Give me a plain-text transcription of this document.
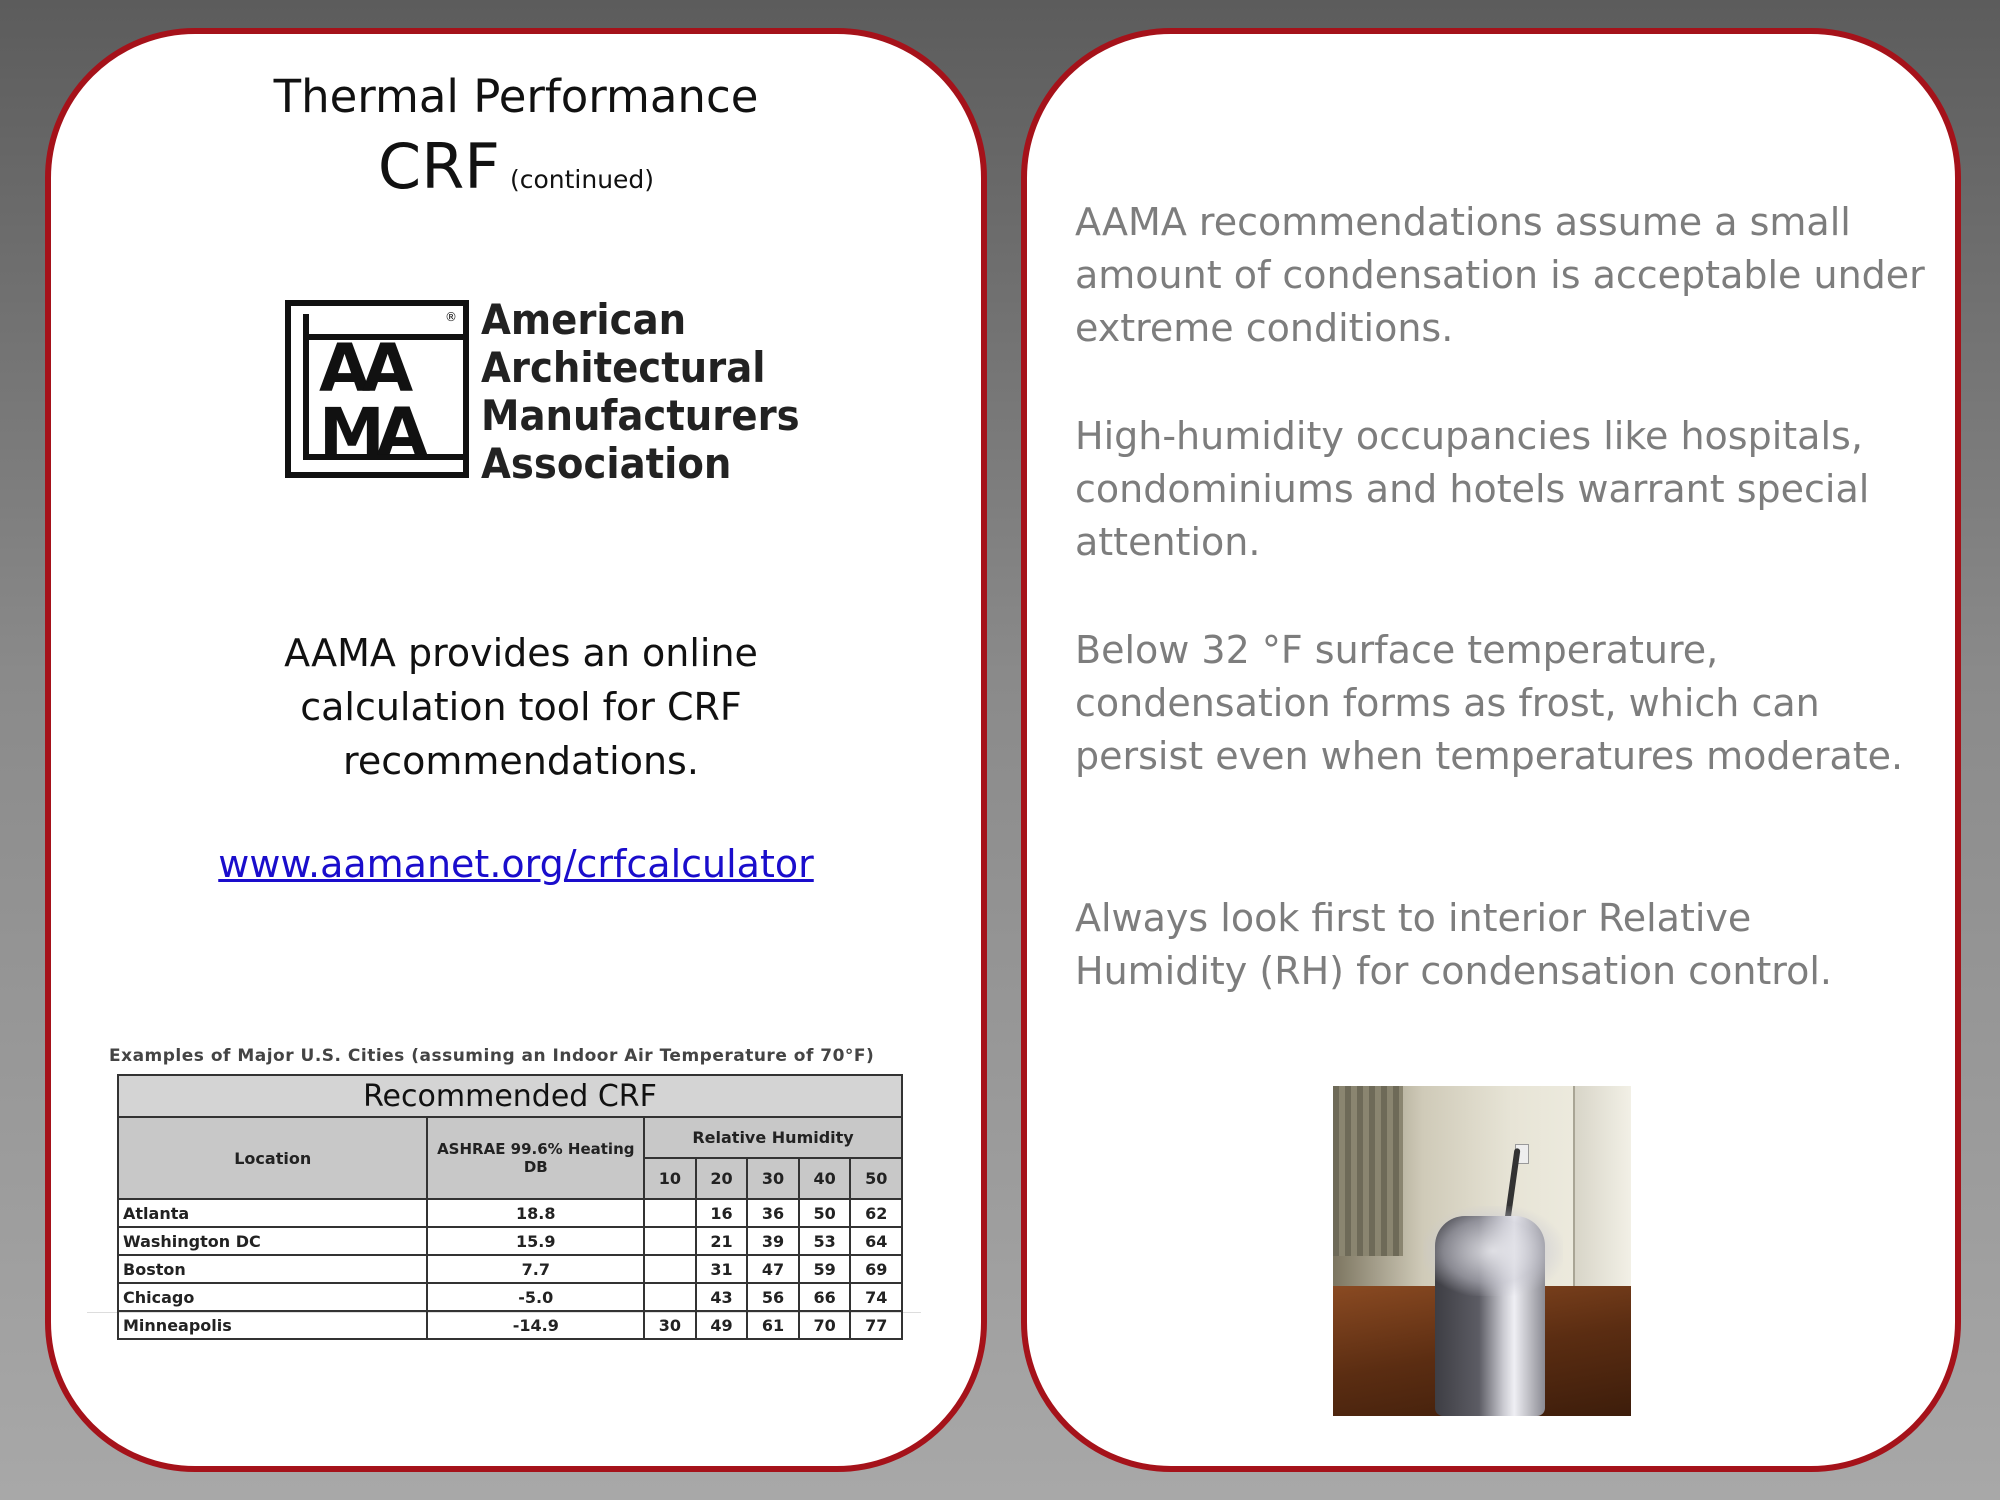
Thermal Performance
CRF (continued)
®
AA
MA
American
Architectural
Manufacturers
Association
AAMA provides an online calculation tool for CRF recommendations.
www.aamanet.org/crfcalculator
Examples of Major U.S. Cities (assuming an Indoor Air Temperature of 70°F)
Recommended CRF						
Location	ASHRAE 99.6% Heating DB	Relative Humidity				
		10	20	30	40	50
Atlanta	18.8		16	36	50	62
Washington DC	15.9		21	39	53	64
Boston	7.7		31	47	59	69
Chicago	-5.0		43	56	66	74
Minneapolis	-14.9	30	49	61	70	77
AAMA recommendations assume a small amount of condensation is acceptable under extreme conditions.
High-humidity occupancies like hospitals, condominiums and hotels warrant special attention.
Below 32 °F surface temperature, condensation forms as frost, which can persist even when temperatures moderate.
Always look first to interior Relative Humidity (RH) for condensation control.
